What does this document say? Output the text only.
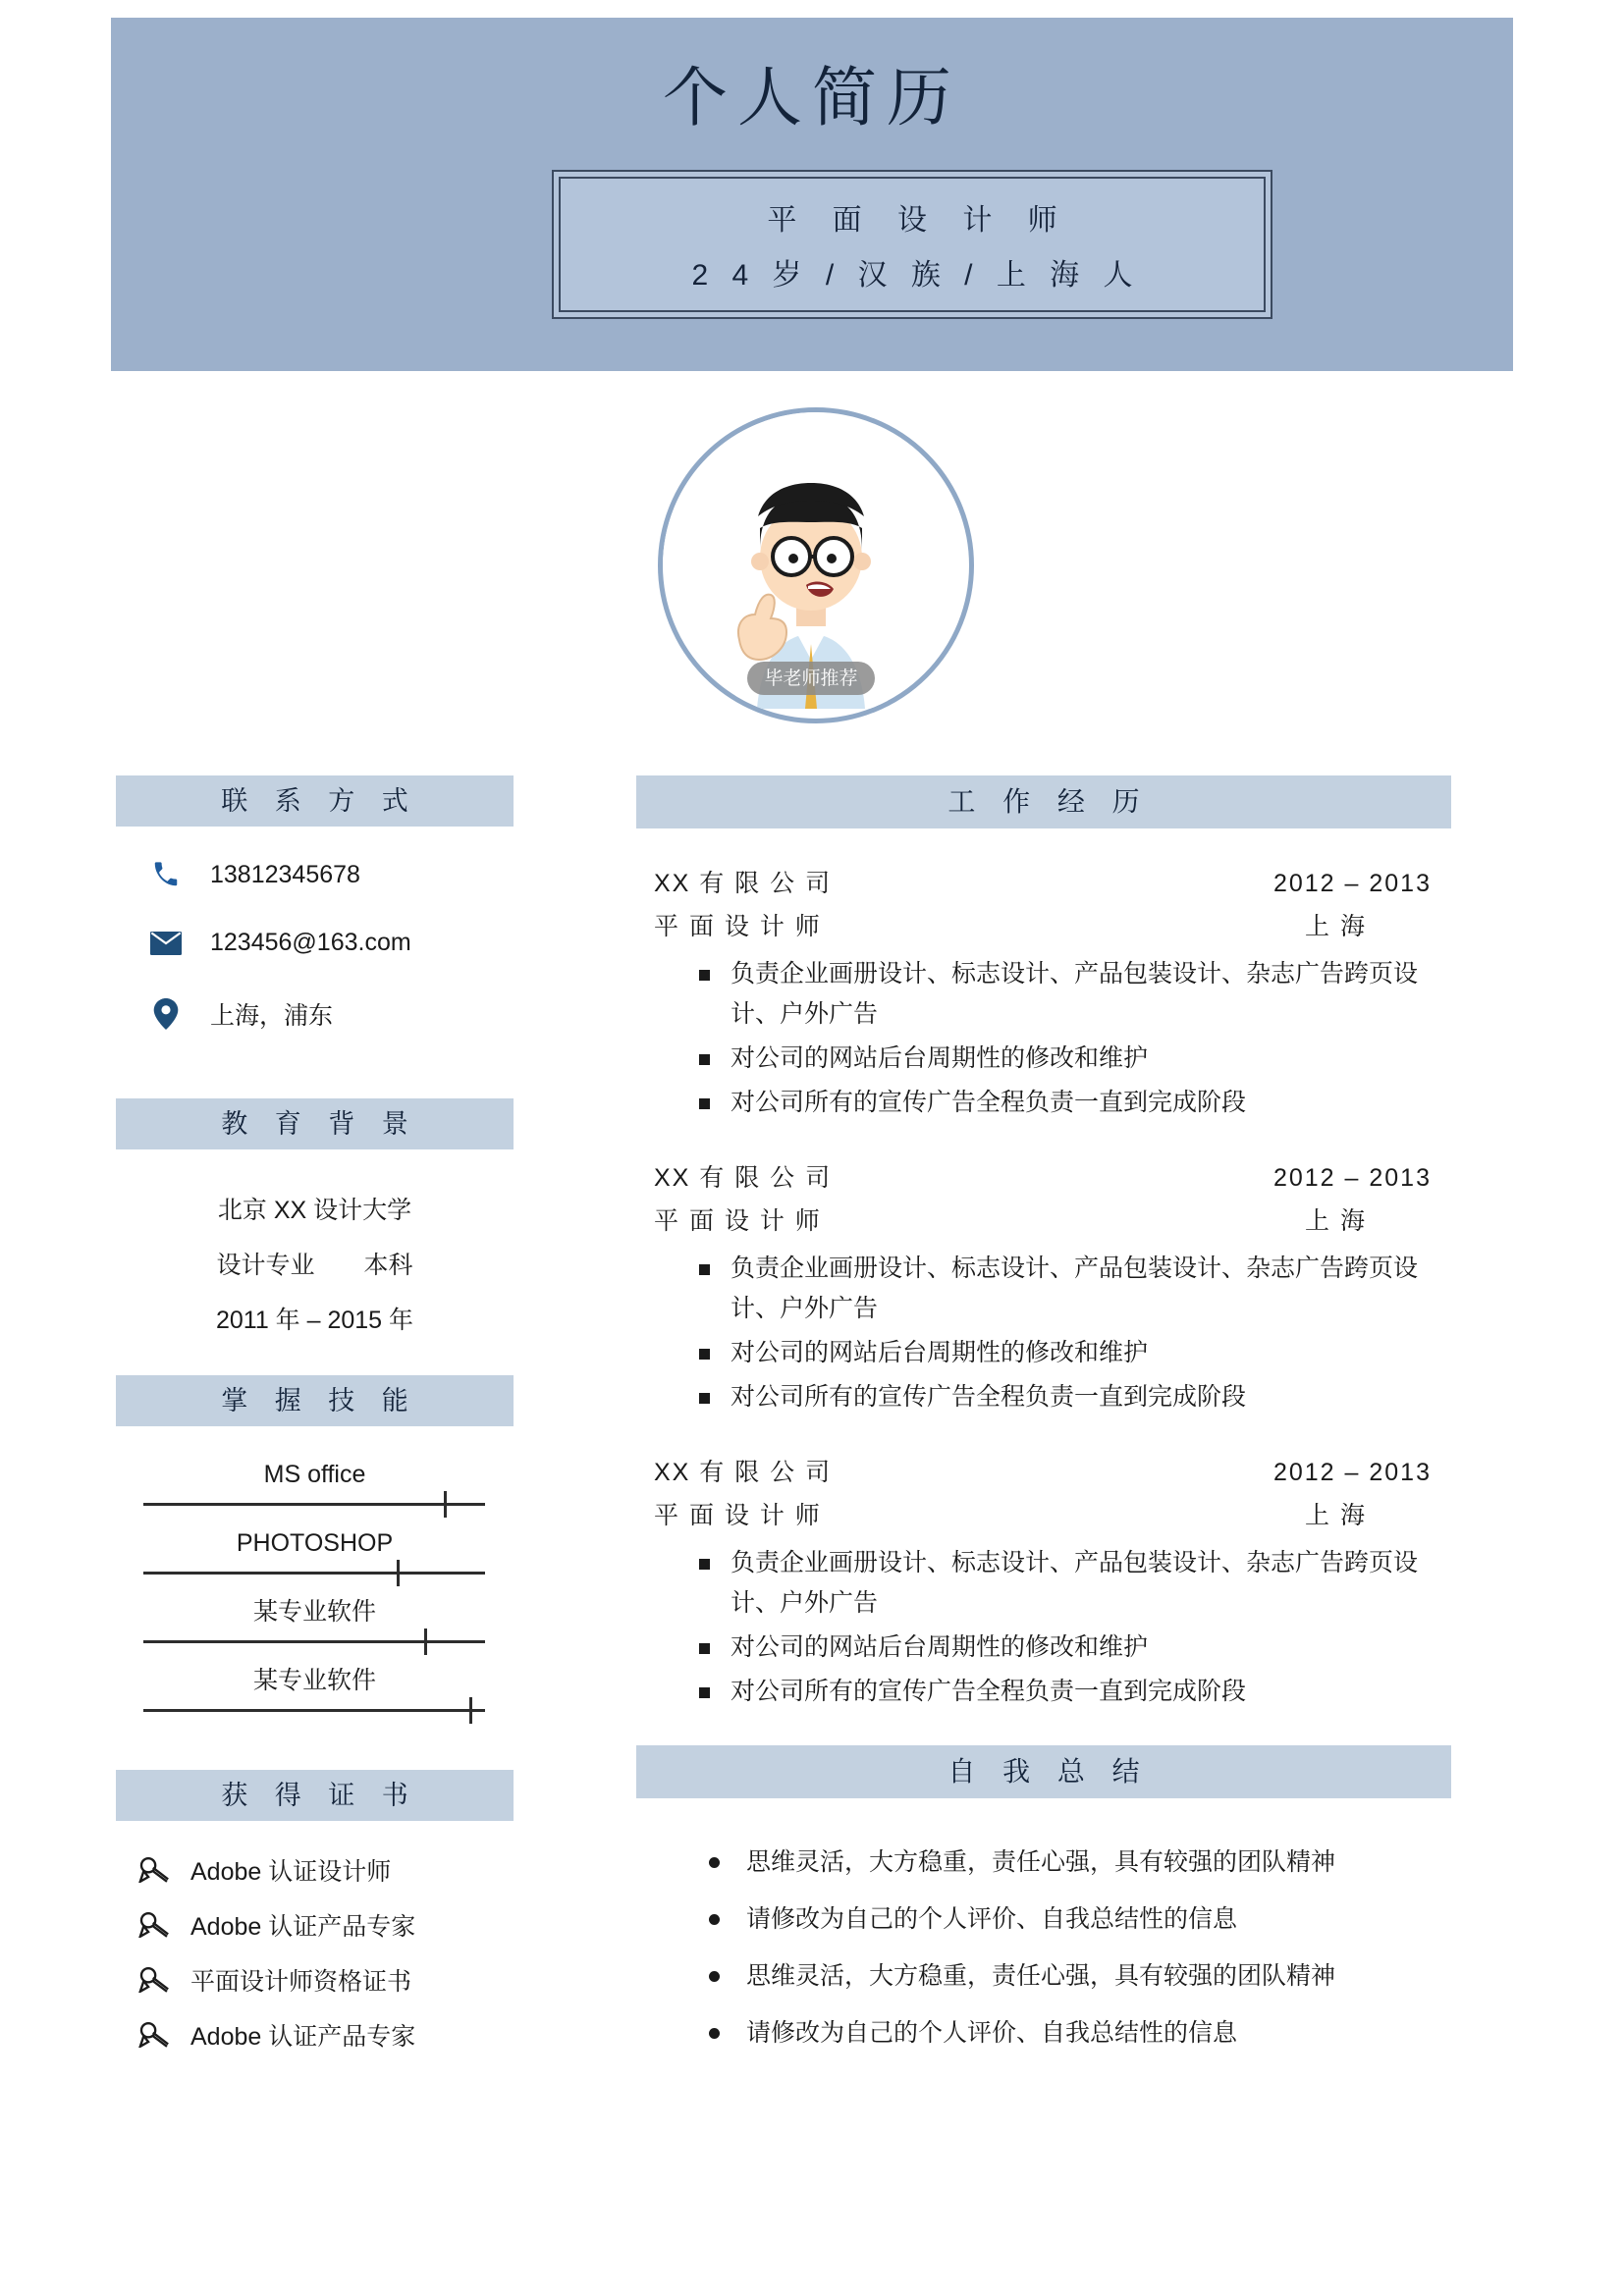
个人简历
平 面 设 计 师
2 4 岁 / 汉 族 / 上 海 人
毕老师推荐
联 系 方 式
13812345678
123456@163.com
上海，浦东
教 育 背 景
北京 XX 设计大学
设计专业　　本科
2011 年 – 2015 年
掌 握 技 能
MS office
PHOTOSHOP
某专业软件
某专业软件
获 得 证 书
Adobe 认证设计师
Adobe 认证产品专家
平面设计师资格证书
Adobe 认证产品专家
工 作 经 历
XX 有 限 公 司	2012 – 2013
平 面 设 计 师	上 海
负责企业画册设计、标志设计、产品包装设计、杂志广告跨页设计、户外广告
对公司的网站后台周期性的修改和维护
对公司所有的宣传广告全程负责一直到完成阶段
XX 有 限 公 司	2012 – 2013
平 面 设 计 师	上 海
负责企业画册设计、标志设计、产品包装设计、杂志广告跨页设计、户外广告
对公司的网站后台周期性的修改和维护
对公司所有的宣传广告全程负责一直到完成阶段
XX 有 限 公 司	2012 – 2013
平 面 设 计 师	上 海
负责企业画册设计、标志设计、产品包装设计、杂志广告跨页设计、户外广告
对公司的网站后台周期性的修改和维护
对公司所有的宣传广告全程负责一直到完成阶段
自 我 总 结
思维灵活，大方稳重，责任心强，具有较强的团队精神
请修改为自己的个人评价、自我总结性的信息
思维灵活，大方稳重，责任心强，具有较强的团队精神
请修改为自己的个人评价、自我总结性的信息
